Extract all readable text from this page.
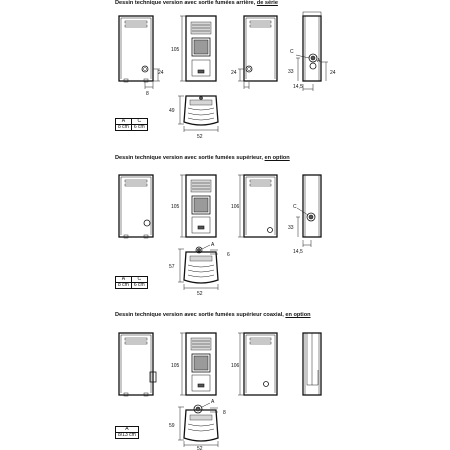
Dessin technique version avec sortie fumées arrière, de série
Dessin technique version avec sortie fumées supérieur, en option
Dessin technique version avec sortie fumées supérieur coaxial, en option
24
8
105
24
C
A
33	24
14,5
49
52
105	106	C
33
14,5
A
6
57
52
105	106
A
8
59
52
A	C
8 cm	6 cm
A	C
8 cm	6 cm
A
8/13 cm
